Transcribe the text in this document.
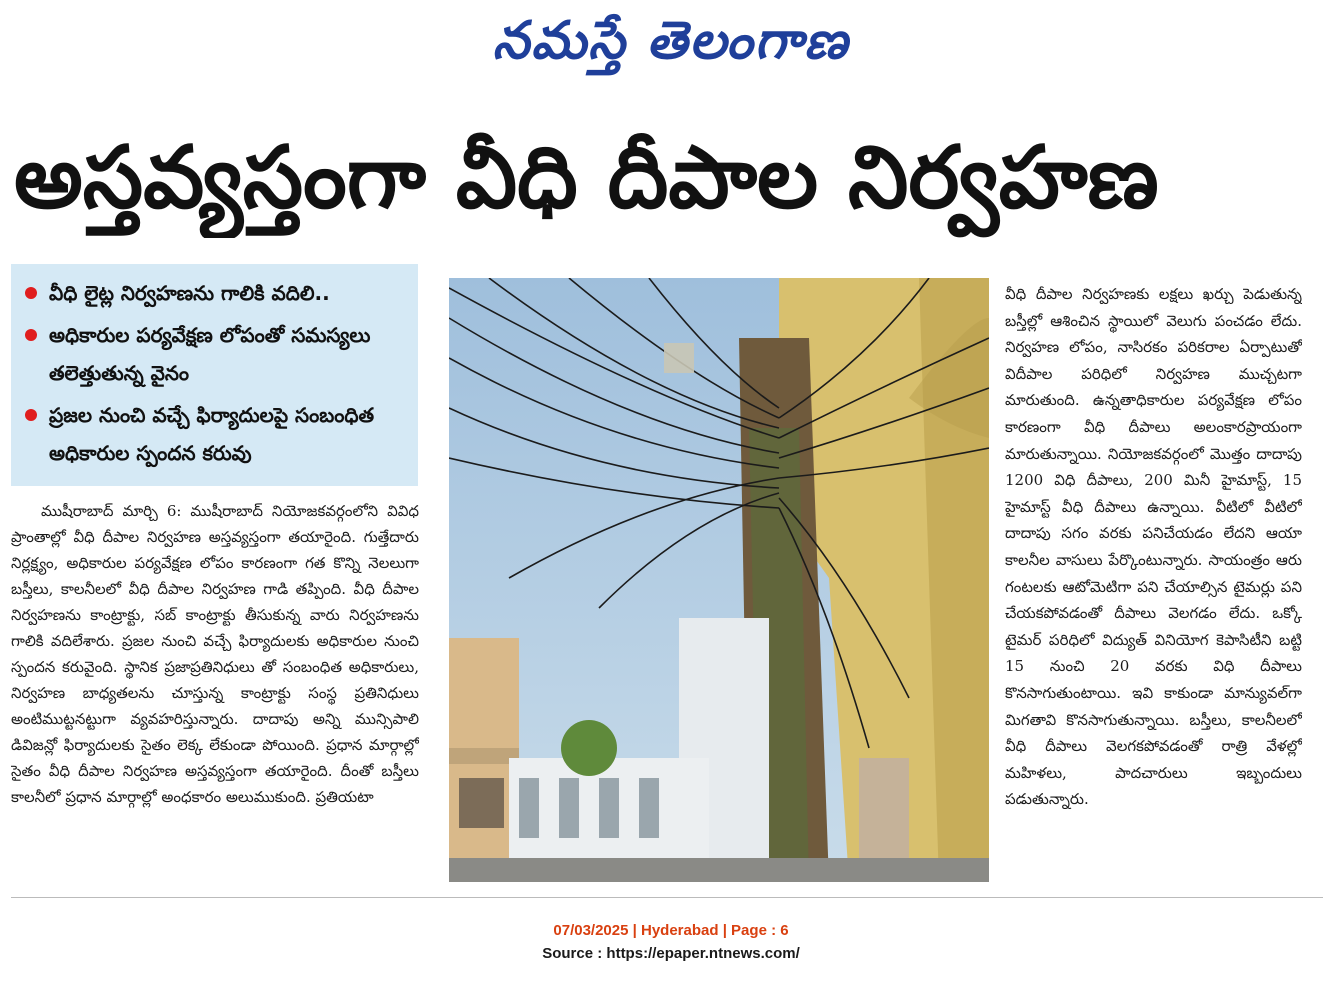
నమస్తే తెలంగాణ
అస్తవ్యస్తంగా వీధి దీపాల నిర్వహణ
వీధి లైట్ల నిర్వహణను గాలికి వదిలి..
అధికారుల పర్యవేక్షణ లోపంతో సమస్యలు తలెత్తుతున్న వైనం
ప్రజల నుంచి వచ్చే ఫిర్యాదులపై సంబంధిత అధికారుల స్పందన కరువు
ముషీరాబాద్ మార్చి 6: ముషీరాబాద్ నియోజకవర్గంలోని వివిధ ప్రాంతాల్లో వీధి దీపాల నిర్వహణ అస్తవ్యస్తంగా తయారైంది. గుత్తేదారు నిర్లక్ష్యం, అధికారుల పర్యవేక్షణ లోపం కారణంగా గత కొన్ని నెలలుగా బస్తీలు, కాలనీలలో వీధి దీపాల నిర్వహణ గాడి తప్పింది. వీధి దీపాల నిర్వహణను కాంట్రాక్టు, సబ్ కాంట్రాక్టు తీసుకున్న వారు నిర్వహణను గాలికి వదిలేశారు. ప్రజల నుంచి వచ్చే ఫిర్యాదులకు అధికారుల నుంచి స్పందన కరువైంది. స్థానిక ప్రజాప్రతినిధులు తో సంబంధిత అధికారులు, నిర్వహణ బాధ్యతలను చూస్తున్న కాంట్రాక్టు సంస్థ ప్రతినిధులు అంటిముట్టనట్టుగా వ్యవహరిస్తున్నారు. దాదాపు అన్ని మున్సిపాలి డివిజన్లో ఫిర్యాదులకు సైతం లెక్క లేకుండా పోయింది. ప్రధాన మార్గాల్లో సైతం వీధి దీపాల నిర్వహణ అస్తవ్యస్తంగా తయారైంది. దీంతో బస్తీలు కాలనీలో ప్రధాన మార్గాల్లో అంధకారం అలుముకుంది. ప్రతియటా
వీధి దీపాల నిర్వహణకు లక్షలు ఖర్చు పెడుతున్న బస్తీల్లో ఆశించిన స్థాయిలో వెలుగు పంచడం లేదు. నిర్వహణ లోపం, నాసిరకం పరికరాల ఏర్పాటుతో విదీపాల పరిధిలో నిర్వహణ ముచ్చటగా మారుతుంది. ఉన్నతాధికారుల పర్యవేక్షణ లోపం కారణంగా వీధి దీపాలు అలంకారప్రాయంగా మారుతున్నాయి. నియోజకవర్గంలో మొత్తం దాదాపు 1200 విధి దీపాలు, 200 మినీ హైమాస్ట్, 15 హైమాస్ట్ వీధి దీపాలు ఉన్నాయి. వీటిలో వీటిలో దాదాపు సగం వరకు పనిచేయడం లేదని ఆయా కాలనీల వాసులు పేర్కొంటున్నారు. సాయంత్రం ఆరు గంటలకు ఆటోమెటిగా పని చేయాల్సిన టైమర్లు పని చేయకపోవడంతో దీపాలు వెలగడం లేదు. ఒక్కో టైమర్ పరిధిలో విద్యుత్ వినియోగ కెపాసిటీని బట్టి 15 నుంచి 20 వరకు విధి దీపాలు కొనసాగుతుంటాయి. ఇవి కాకుండా మాన్యువల్‌గా మిగతావి కొనసాగుతున్నాయి. బస్తీలు, కాలనీలలో వీధి దీపాలు వెలగకపోవడంతో రాత్రి వేళల్లో మహిళలు, పాదచారులు ఇబ్బందులు పడుతున్నారు.
07/03/2025 | Hyderabad | Page : 6
Source : https://epaper.ntnews.com/
